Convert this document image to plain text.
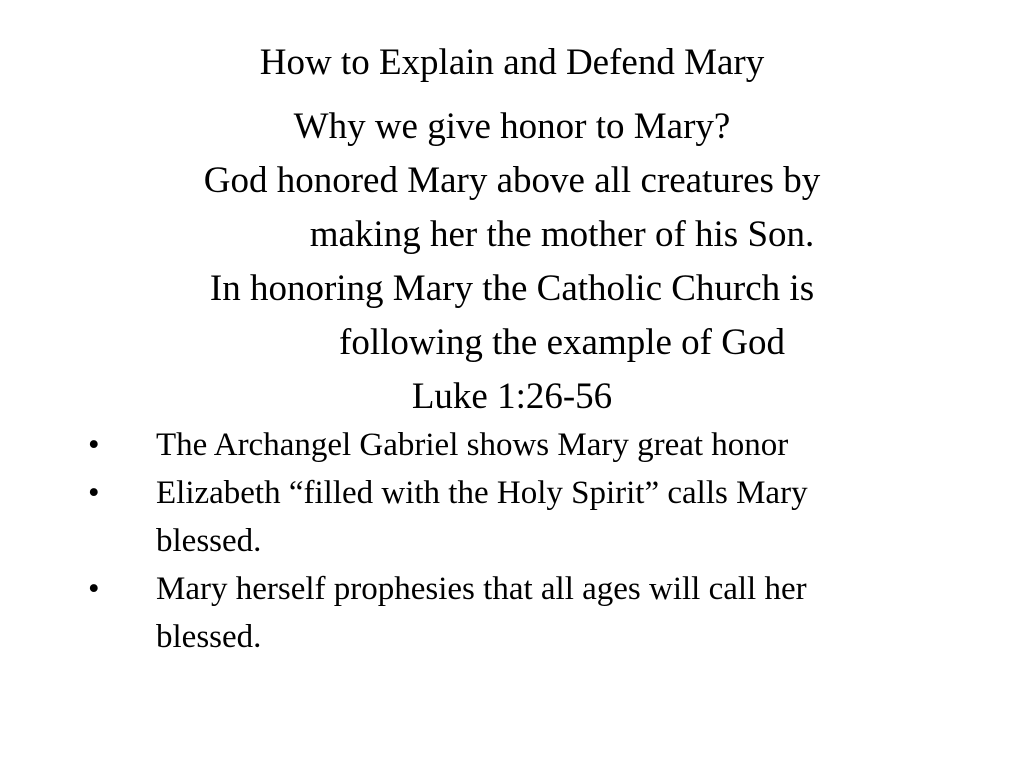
How to Explain and Defend Mary

Why we give honor to Mary?

God honored Mary above all creatures by
making her the mother of his Son.

In honoring Mary the Catholic Church is
following the example of God

Luke 1:26-56

• The Archangel Gabriel shows Mary great honor
• Elizabeth “filled with the Holy Spirit” calls Mary blessed.
• Mary herself prophesies that all ages will call her blessed.
